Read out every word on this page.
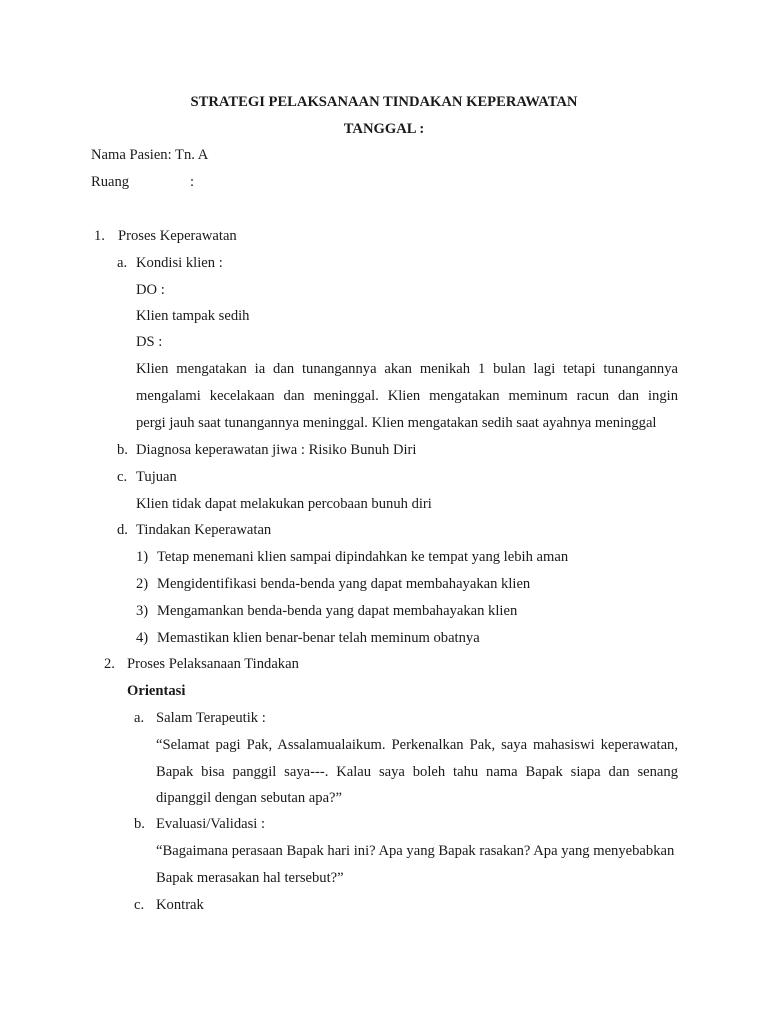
STRATEGI PELAKSANAAN TINDAKAN KEPERAWATAN
TANGGAL :
Nama Pasien: Tn. A
Ruang	:
1. Proses Keperawatan
a. Kondisi klien :
DO :
Klien tampak sedih
DS :
Klien mengatakan ia dan tunangannya akan menikah 1 bulan lagi tetapi tunangannya
mengalami kecelakaan dan meninggal. Klien mengatakan meminum racun dan ingin
pergi jauh saat tunangannya meninggal. Klien mengatakan sedih saat ayahnya meninggal
b. Diagnosa keperawatan jiwa : Risiko Bunuh Diri
c. Tujuan
Klien tidak dapat melakukan percobaan bunuh diri
d. Tindakan Keperawatan
1) Tetap menemani klien sampai dipindahkan ke tempat yang lebih aman
2) Mengidentifikasi benda-benda yang dapat membahayakan klien
3) Mengamankan benda-benda yang dapat membahayakan klien
4) Memastikan klien benar-benar telah meminum obatnya
2. Proses Pelaksanaan Tindakan
Orientasi
a. Salam Terapeutik :
“Selamat pagi Pak, Assalamualaikum. Perkenalkan Pak, saya mahasiswi keperawatan,
Bapak bisa panggil saya---. Kalau saya boleh tahu nama Bapak siapa dan senang
dipanggil dengan sebutan apa?”
b. Evaluasi/Validasi :
“Bagaimana perasaan Bapak hari ini? Apa yang Bapak rasakan? Apa yang menyebabkan
Bapak merasakan hal tersebut?”
c. Kontrak
